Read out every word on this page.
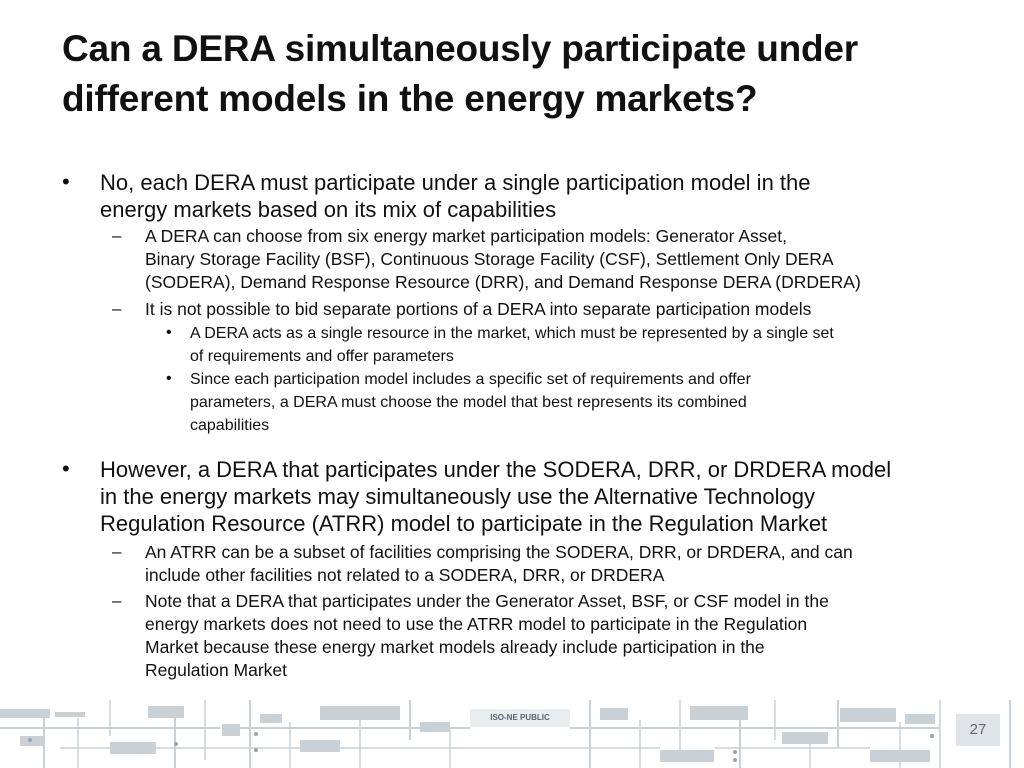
Can a DERA simultaneously participate under
different models in the energy markets?
• No, each DERA must participate under a single participation model in the
energy markets based on its mix of capabilities
– A DERA can choose from six energy market participation models: Generator Asset,
Binary Storage Facility (BSF), Continuous Storage Facility (CSF), Settlement Only DERA
(SODERA), Demand Response Resource (DRR), and Demand Response DERA (DRDERA)
– It is not possible to bid separate portions of a DERA into separate participation models
• A DERA acts as a single resource in the market, which must be represented by a single set
of requirements and offer parameters
• Since each participation model includes a specific set of requirements and offer
parameters, a DERA must choose the model that best represents its combined
capabilities
• However, a DERA that participates under the SODERA, DRR, or DRDERA model
in the energy markets may simultaneously use the Alternative Technology
Regulation Resource (ATRR) model to participate in the Regulation Market
– An ATRR can be a subset of facilities comprising the SODERA, DRR, or DRDERA, and can
include other facilities not related to a SODERA, DRR, or DRDERA
– Note that a DERA that participates under the Generator Asset, BSF, or CSF model in the
energy markets does not need to use the ATRR model to participate in the Regulation
Market because these energy market models already include participation in the
Regulation Market
ISO-NE PUBLIC
27
